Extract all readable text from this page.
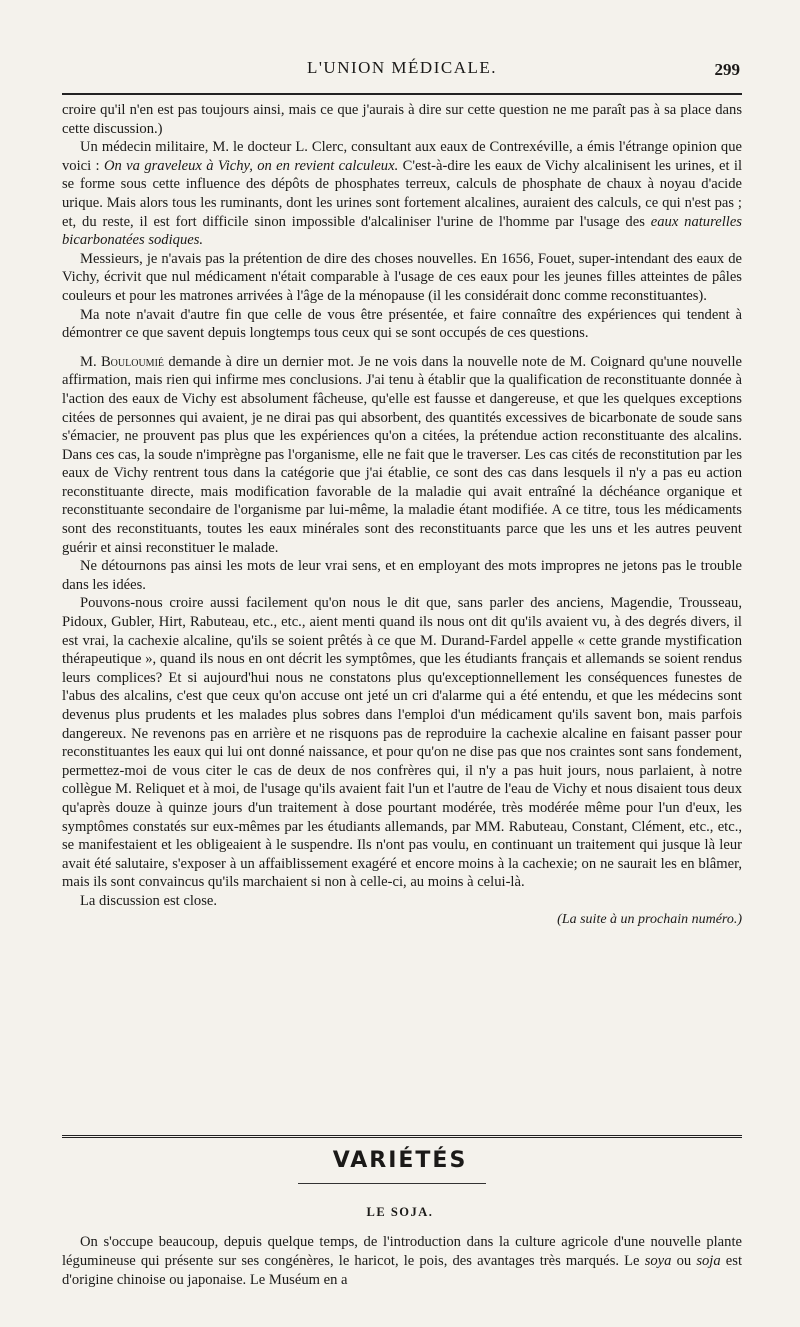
L'UNION MÉDICALE.	299

croire qu'il n'en est pas toujours ainsi, mais ce que j'aurais à dire sur cette question ne me paraît pas à sa place dans cette discussion.)

Un médecin militaire, M. le docteur L. Clerc, consultant aux eaux de Contrexéville, a émis l'étrange opinion que voici : On va graveleux à Vichy, on en revient calculeux. C'est-à-dire les eaux de Vichy alcalinisent les urines, et il se forme sous cette influence des dépôts de phosphates terreux, calculs de phosphate de chaux à noyau d'acide urique. Mais alors tous les ruminants, dont les urines sont fortement alcalines, auraient des calculs, ce qui n'est pas ; et, du reste, il est fort difficile sinon impossible d'alcaliniser l'urine de l'homme par l'usage des eaux naturelles bicarbonatées sodiques.

Messieurs, je n'avais pas la prétention de dire des choses nouvelles. En 1656, Fouet, super-intendant des eaux de Vichy, écrivit que nul médicament n'était comparable à l'usage de ces eaux pour les jeunes filles atteintes de pâles couleurs et pour les matrones arrivées à l'âge de la ménopause (il les considérait donc comme reconstituantes).

Ma note n'avait d'autre fin que celle de vous être présentée, et faire connaître des expériences qui tendent à démontrer ce que savent depuis longtemps tous ceux qui se sont occupés de ces questions.

M. Bouloumié demande à dire un dernier mot. Je ne vois dans la nouvelle note de M. Coignard qu'une nouvelle affirmation, mais rien qui infirme mes conclusions. J'ai tenu à établir que la qualification de reconstituante donnée à l'action des eaux de Vichy est absolument fâcheuse, qu'elle est fausse et dangereuse, et que les quelques exceptions citées de personnes qui avaient, je ne dirai pas qui absorbent, des quantités excessives de bicarbonate de soude sans s'émacier, ne prouvent pas plus que les expériences qu'on a citées, la prétendue action reconstituante des alcalins. Dans ces cas, la soude n'imprègne pas l'organisme, elle ne fait que le traverser. Les cas cités de reconstitution par les eaux de Vichy rentrent tous dans la catégorie que j'ai établie, ce sont des cas dans lesquels il n'y a pas eu action reconstituante directe, mais modification favorable de la maladie qui avait entraîné la déchéance organique et reconstituante secondaire de l'organisme par lui-même, la maladie étant modifiée. A ce titre, tous les médicaments sont des reconstituants, toutes les eaux minérales sont des reconstituants parce que les uns et les autres peuvent guérir et ainsi reconstituer le malade.

Ne détournons pas ainsi les mots de leur vrai sens, et en employant des mots impropres ne jetons pas le trouble dans les idées.

Pouvons-nous croire aussi facilement qu'on nous le dit que, sans parler des anciens, Magendie, Trousseau, Pidoux, Gubler, Hirt, Rabuteau, etc., etc., aient menti quand ils nous ont dit qu'ils avaient vu, à des degrés divers, il est vrai, la cachexie alcaline, qu'ils se soient prêtés à ce que M. Durand-Fardel appelle « cette grande mystification thérapeutique », quand ils nous en ont décrit les symptômes, que les étudiants français et allemands se soient rendus leurs complices? Et si aujourd'hui nous ne constatons plus qu'exceptionnellement les conséquences funestes de l'abus des alcalins, c'est que ceux qu'on accuse ont jeté un cri d'alarme qui a été entendu, et que les médecins sont devenus plus prudents et les malades plus sobres dans l'emploi d'un médicament qu'ils savent bon, mais parfois dangereux. Ne revenons pas en arrière et ne risquons pas de reproduire la cachexie alcaline en faisant passer pour reconstituantes les eaux qui lui ont donné naissance, et pour qu'on ne dise pas que nos craintes sont sans fondement, permettez-moi de vous citer le cas de deux de nos confrères qui, il n'y a pas huit jours, nous parlaient, à notre collègue M. Reliquet et à moi, de l'usage qu'ils avaient fait l'un et l'autre de l'eau de Vichy et nous disaient tous deux qu'après douze à quinze jours d'un traitement à dose pourtant modérée, très modérée même pour l'un d'eux, les symptômes constatés sur eux-mêmes par les étudiants allemands, par MM. Rabuteau, Constant, Clément, etc., etc., se manifestaient et les obligeaient à le suspendre. Ils n'ont pas voulu, en continuant un traitement qui jusque là leur avait été salutaire, s'exposer à un affaiblissement exagéré et encore moins à la cachexie; on ne saurait les en blâmer, mais ils sont convaincus qu'ils marchaient si non à celle-ci, au moins à celui-là.

La discussion est close.

(La suite à un prochain numéro.)

VARIÉTÉS
LE SOJA.

On s'occupe beaucoup, depuis quelque temps, de l'introduction dans la culture agricole d'une nouvelle plante légumineuse qui présente sur ses congénères, le haricot, le pois, des avantages très marqués. Le soya ou soja est d'origine chinoise ou japonaise. Le Muséum en a
